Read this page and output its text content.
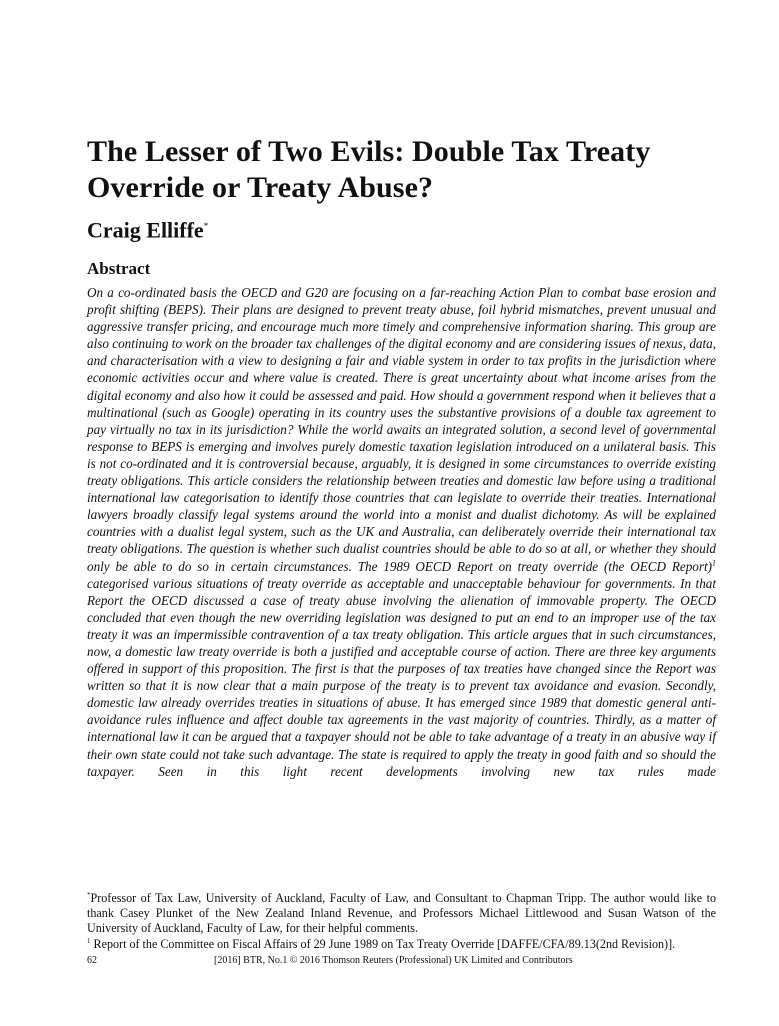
The Lesser of Two Evils: Double Tax Treaty Override or Treaty Abuse?
Craig Elliffe*
Abstract

On a co-ordinated basis the OECD and G20 are focusing on a far-reaching Action Plan to combat base erosion and profit shifting (BEPS). Their plans are designed to prevent treaty abuse, foil hybrid mismatches, prevent unusual and aggressive transfer pricing, and encourage much more timely and comprehensive information sharing. This group are also continuing to work on the broader tax challenges of the digital economy and are considering issues of nexus, data, and characterisation with a view to designing a fair and viable system in order to tax profits in the jurisdiction where economic activities occur and where value is created. There is great uncertainty about what income arises from the digital economy and also how it could be assessed and paid. How should a government respond when it believes that a multinational (such as Google) operating in its country uses the substantive provisions of a double tax agreement to pay virtually no tax in its jurisdiction? While the world awaits an integrated solution, a second level of governmental response to BEPS is emerging and involves purely domestic taxation legislation introduced on a unilateral basis. This is not co-ordinated and it is controversial because, arguably, it is designed in some circumstances to override existing treaty obligations. This article considers the relationship between treaties and domestic law before using a traditional international law categorisation to identify those countries that can legislate to override their treaties. International lawyers broadly classify legal systems around the world into a monist and dualist dichotomy. As will be explained countries with a dualist legal system, such as the UK and Australia, can deliberately override their international tax treaty obligations. The question is whether such dualist countries should be able to do so at all, or whether they should only be able to do so in certain circumstances. The 1989 OECD Report on treaty override (the OECD Report)$^1$ categorised various situations of treaty override as acceptable and unacceptable behaviour for governments. In that Report the OECD discussed a case of treaty abuse involving the alienation of immovable property. The OECD concluded that even though the new overriding legislation was designed to put an end to an improper use of the tax treaty it was an impermissible contravention of a tax treaty obligation. This article argues that in such circumstances, now, a domestic law treaty override is both a justified and acceptable course of action. There are three key arguments offered in support of this proposition. The first is that the purposes of tax treaties have changed since the Report was written so that it is now clear that a main purpose of the treaty is to prevent tax avoidance and evasion. Secondly, domestic law already overrides treaties in situations of abuse. It has emerged since 1989 that domestic general anti-avoidance rules influence and affect double tax agreements in the vast majority of countries. Thirdly, as a matter of international law it can be argued that a taxpayer should not be able to take advantage of a treaty in an abusive way if their own state could not take such advantage. The state is required to apply the treaty in good faith and so should the taxpayer. Seen in this light recent developments involving new tax rules made

*Professor of Tax Law, University of Auckland, Faculty of Law, and Consultant to Chapman Tripp. The author would like to thank Casey Plunket of the New Zealand Inland Revenue, and Professors Michael Littlewood and Susan Watson of the University of Auckland, Faculty of Law, for their helpful comments.

$^1$ Report of the Committee on Fiscal Affairs of 29 June 1989 on Tax Treaty Override [DAFFE/CFA/89.13(2nd Revision)].

62	[2016] BTR, No.1 © 2016 Thomson Reuters (Professional) UK Limited and Contributors
